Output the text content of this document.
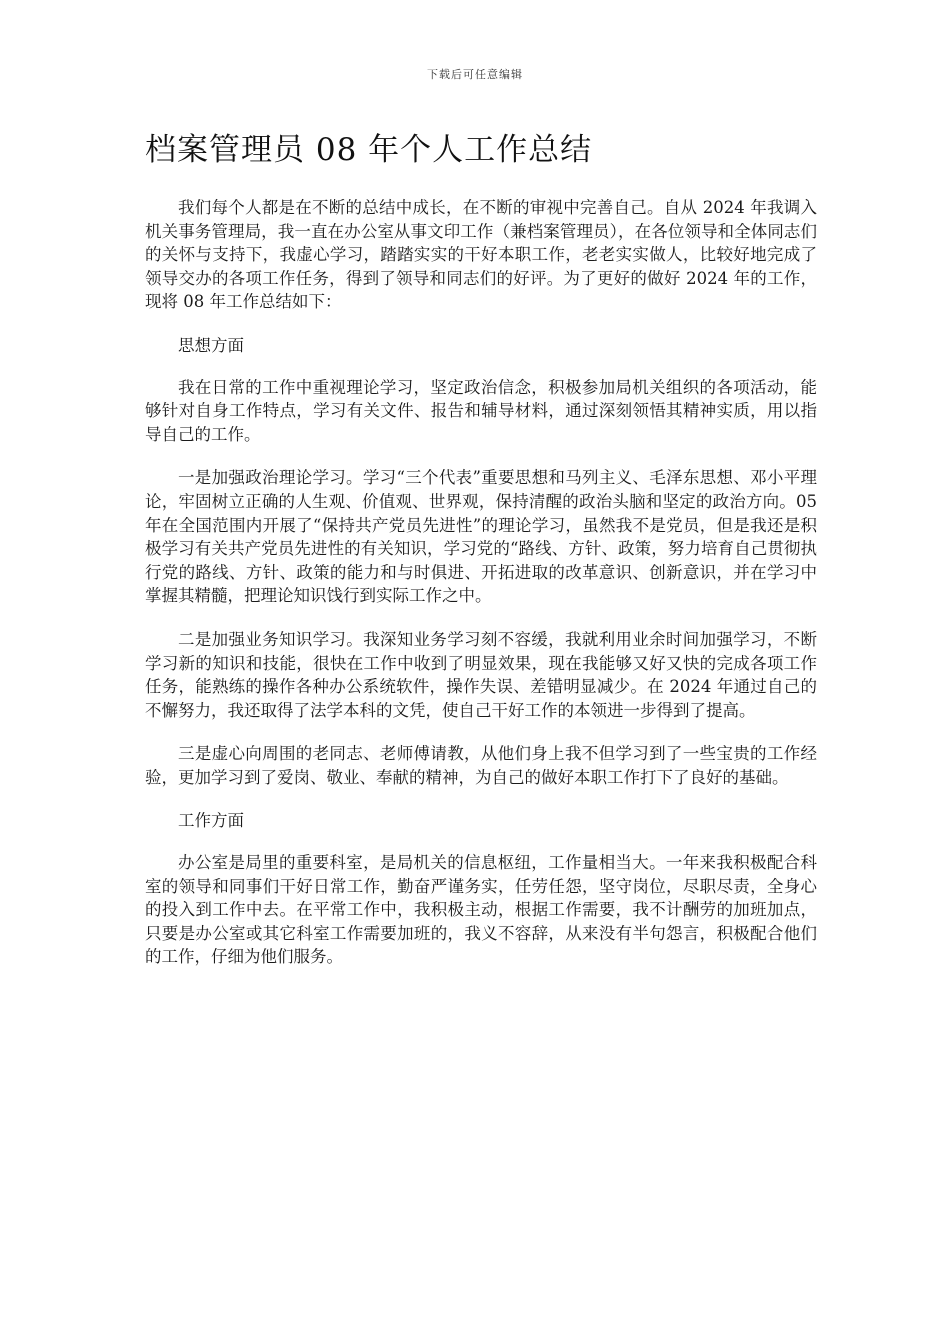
下载后可任意编辑
档案管理员 08 年个人工作总结

我们每个人都是在不断的总结中成长，在不断的审视中完善自己。自从 2024 年我调入机关事务管理局，我一直在办公室从事文印工作（兼档案管理员），在各位领导和全体同志们的关怀与支持下，我虚心学习，踏踏实实的干好本职工作，老老实实做人，比较好地完成了领导交办的各项工作任务，得到了领导和同志们的好评。为了更好的做好 2024 年的工作，现将 08 年工作总结如下：

思想方面

我在日常的工作中重视理论学习，坚定政治信念，积极参加局机关组织的各项活动，能够针对自身工作特点，学习有关文件、报告和辅导材料，通过深刻领悟其精神实质，用以指导自己的工作。

一是加强政治理论学习。学习“三个代表”重要思想和马列主义、毛泽东思想、邓小平理论，牢固树立正确的人生观、价值观、世界观，保持清醒的政治头脑和坚定的政治方向。05 年在全国范围内开展了“保持共产党员先进性”的理论学习，虽然我不是党员，但是我还是积极学习有关共产党员先进性的有关知识，学习党的“路线、方针、政策，努力培育自己贯彻执行党的路线、方针、政策的能力和与时俱进、开拓进取的改革意识、创新意识，并在学习中掌握其精髓，把理论知识饯行到实际工作之中。

二是加强业务知识学习。我深知业务学习刻不容缓，我就利用业余时间加强学习，不断学习新的知识和技能，很快在工作中收到了明显效果，现在我能够又好又快的完成各项工作任务，能熟练的操作各种办公系统软件，操作失误、差错明显减少。在 2024 年通过自己的不懈努力，我还取得了法学本科的文凭，使自己干好工作的本领进一步得到了提高。

三是虚心向周围的老同志、老师傅请教，从他们身上我不但学习到了一些宝贵的工作经验，更加学习到了爱岗、敬业、奉献的精神，为自己的做好本职工作打下了良好的基础。

工作方面

办公室是局里的重要科室，是局机关的信息枢纽，工作量相当大。一年来我积极配合科室的领导和同事们干好日常工作，勤奋严谨务实，任劳任怨，坚守岗位，尽职尽责，全身心的投入到工作中去。在平常工作中，我积极主动，根据工作需要，我不计酬劳的加班加点，只要是办公室或其它科室工作需要加班的，我义不容辞，从来没有半句怨言，积极配合他们的工作，仔细为他们服务。
